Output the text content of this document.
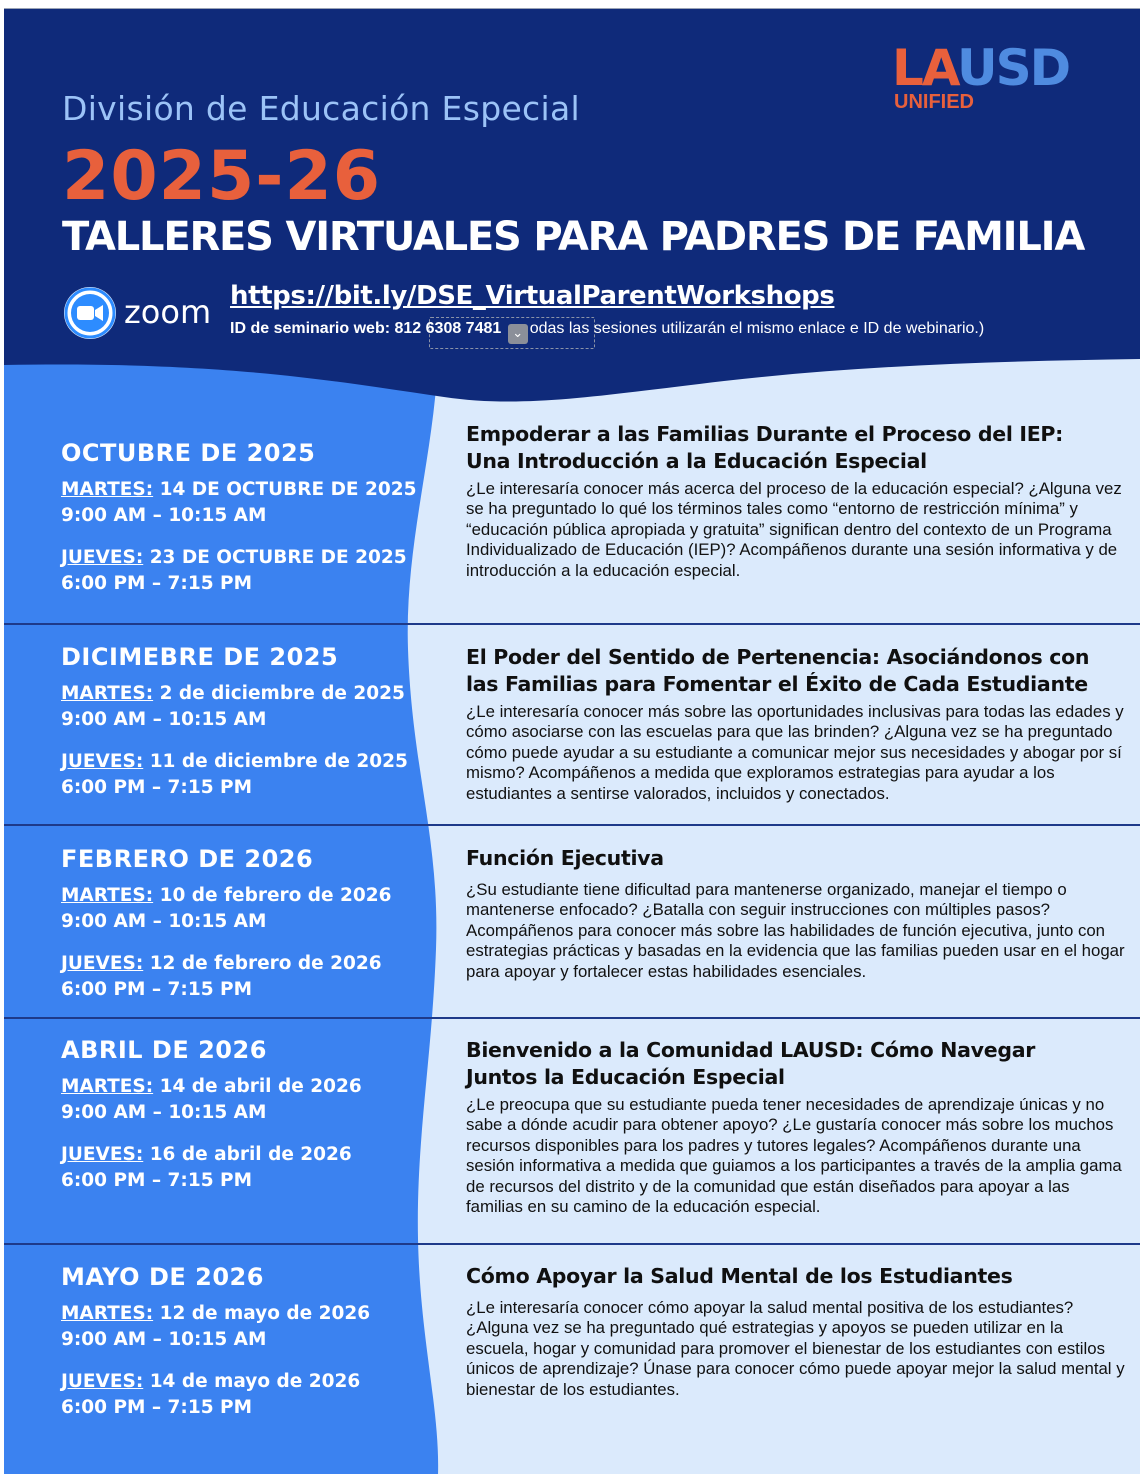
División de Educación Especial
2025-26
TALLERES VIRTUALES PARA PADRES DE FAMILIA
LAUSD
UNIFIED
zoom https://bit.ly/DSE_VirtualParentWorkshops
ID de seminario web: 812 6308 7481 ⌄ odas las sesiones utilizarán el mismo enlace e ID de webinario.)
OCTUBRE DE 2025
MARTES: 14 DE OCTUBRE DE 2025
9:00 AM – 10:15 AM
JUEVES: 23 DE OCTUBRE DE 2025
6:00 PM – 7:15 PM
Empoderar a las Familias Durante el Proceso del IEP:
Una Introducción a la Educación Especial
¿Le interesaría conocer más acerca del proceso de la educación especial? ¿Alguna vez se ha preguntado lo qué los términos tales como “entorno de restricción mínima” y “educación pública apropiada y gratuita” significan dentro del contexto de un Programa Individualizado de Educación (IEP)? Acompáñenos durante una sesión informativa y de introducción a la educación especial.
DICIMEBRE DE 2025
MARTES: 2 de diciembre de 2025
9:00 AM – 10:15 AM
JUEVES: 11 de diciembre de 2025
6:00 PM – 7:15 PM
El Poder del Sentido de Pertenencia: Asociándonos con
las Familias para Fomentar el Éxito de Cada Estudiante
¿Le interesaría conocer más sobre las oportunidades inclusivas para todas las edades y cómo asociarse con las escuelas para que las brinden? ¿Alguna vez se ha preguntado cómo puede ayudar a su estudiante a comunicar mejor sus necesidades y abogar por sí mismo? Acompáñenos a medida que exploramos estrategias para ayudar a los estudiantes a sentirse valorados, incluidos y conectados.
FEBRERO DE 2026
MARTES: 10 de febrero de 2026
9:00 AM – 10:15 AM
JUEVES: 12 de febrero de 2026
6:00 PM – 7:15 PM
Función Ejecutiva
¿Su estudiante tiene dificultad para mantenerse organizado, manejar el tiempo o mantenerse enfocado? ¿Batalla con seguir instrucciones con múltiples pasos? Acompáñenos para conocer más sobre las habilidades de función ejecutiva, junto con estrategias prácticas y basadas en la evidencia que las familias pueden usar en el hogar para apoyar y fortalecer estas habilidades esenciales.
ABRIL DE 2026
MARTES: 14 de abril de 2026
9:00 AM – 10:15 AM
JUEVES: 16 de abril de 2026
6:00 PM – 7:15 PM
Bienvenido a la Comunidad LAUSD: Cómo Navegar
Juntos la Educación Especial
¿Le preocupa que su estudiante pueda tener necesidades de aprendizaje únicas y no sabe a dónde acudir para obtener apoyo? ¿Le gustaría conocer más sobre los muchos recursos disponibles para los padres y tutores legales? Acompáñenos durante una sesión informativa a medida que guiamos a los participantes a través de la amplia gama de recursos del distrito y de la comunidad que están diseñados para apoyar a las familias en su camino de la educación especial.
MAYO DE 2026
MARTES: 12 de mayo de 2026
9:00 AM – 10:15 AM
JUEVES: 14 de mayo de 2026
6:00 PM – 7:15 PM
Cómo Apoyar la Salud Mental de los Estudiantes
¿Le interesaría conocer cómo apoyar la salud mental positiva de los estudiantes? ¿Alguna vez se ha preguntado qué estrategias y apoyos se pueden utilizar en la escuela, hogar y comunidad para promover el bienestar de los estudiantes con estilos únicos de aprendizaje? Únase para conocer cómo puede apoyar mejor la salud mental y bienestar de los estudiantes.
